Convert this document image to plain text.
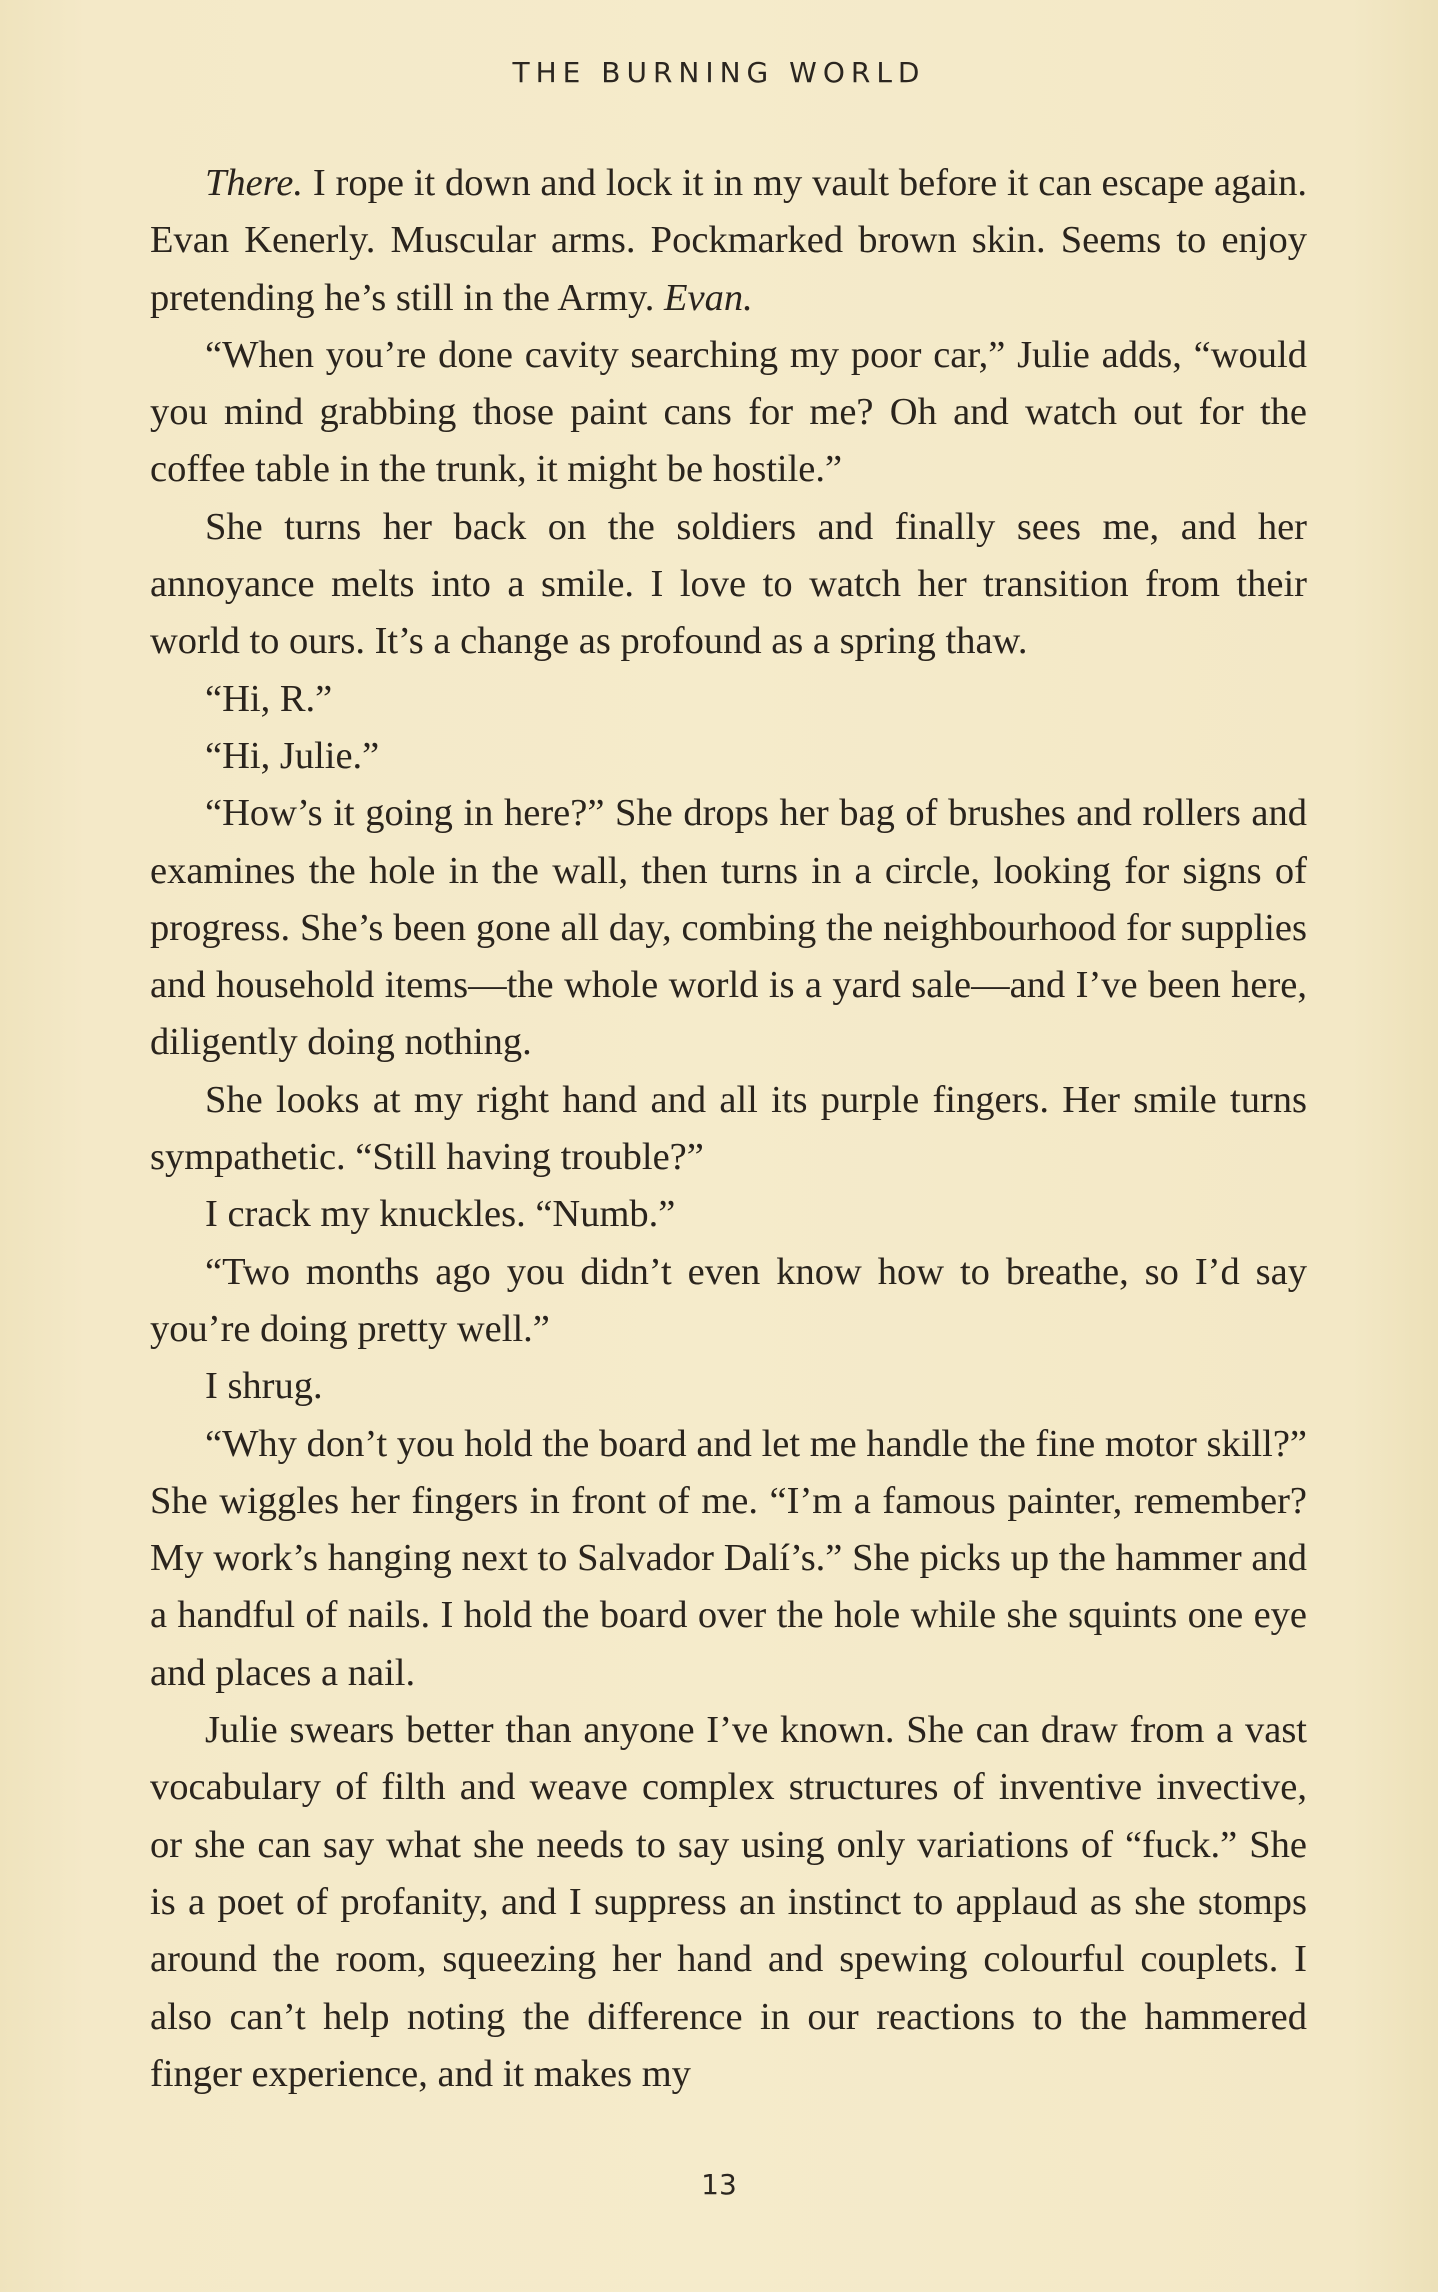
THE BURNING WORLD

There. I rope it down and lock it in my vault before it can escape again. Evan Kenerly. Muscular arms. Pockmarked brown skin. Seems to enjoy pretending he’s still in the Army. Evan.

“When you’re done cavity searching my poor car,” Julie adds, “would you mind grabbing those paint cans for me? Oh and watch out for the coffee table in the trunk, it might be hostile.”

She turns her back on the soldiers and finally sees me, and her annoyance melts into a smile. I love to watch her transition from their world to ours. It’s a change as profound as a spring thaw.

“Hi, R.”

“Hi, Julie.”

“How’s it going in here?” She drops her bag of brushes and rollers and examines the hole in the wall, then turns in a circle, looking for signs of progress. She’s been gone all day, combing the neighbourhood for supplies and household items—the whole world is a yard sale—and I’ve been here, diligently doing nothing.

She looks at my right hand and all its purple fingers. Her smile turns sympathetic. “Still having trouble?”

I crack my knuckles. “Numb.”

“Two months ago you didn’t even know how to breathe, so I’d say you’re doing pretty well.”

I shrug.

“Why don’t you hold the board and let me handle the fine motor skill?” She wiggles her fingers in front of me. “I’m a famous painter, remember? My work’s hanging next to Salvador Dalí’s.” She picks up the hammer and a handful of nails. I hold the board over the hole while she squints one eye and places a nail.

Julie swears better than anyone I’ve known. She can draw from a vast vocabulary of filth and weave complex structures of inventive invective, or she can say what she needs to say using only variations of “fuck.” She is a poet of profanity, and I suppress an instinct to applaud as she stomps around the room, squeezing her hand and spewing colourful couplets. I also can’t help noting the difference in our reactions to the hammered finger experience, and it makes my

13
